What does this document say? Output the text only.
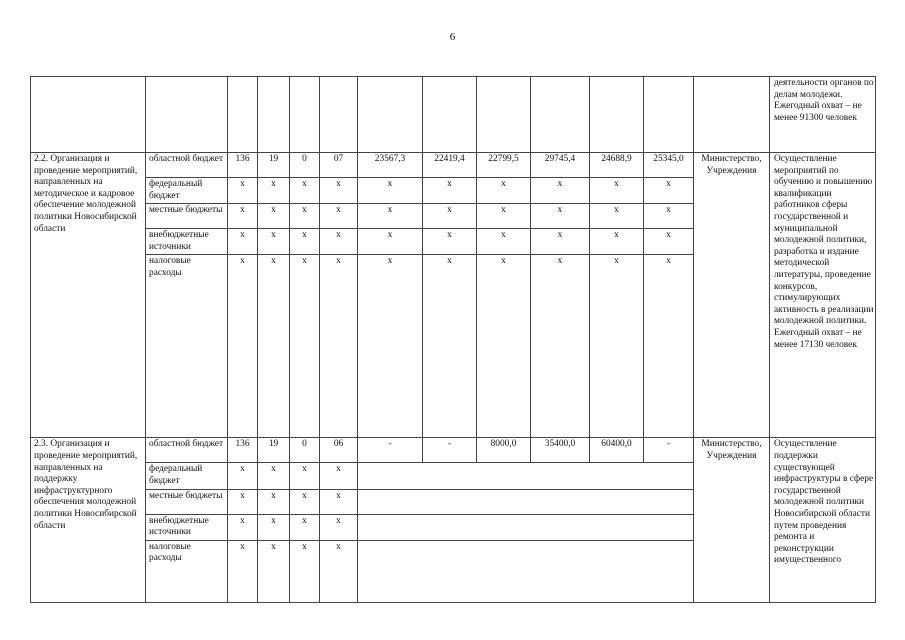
6
													деятельности органов по делам молодежи. Ежегодный охват – не менее 91300 человек
2.2. Организация и проведение мероприятий, направленных на методическое и кадровое обеспечение молодежной политики Новосибирской области	областной бюджет	136	19	0	07	23567,3	22419,4	22799,5	29745,4	24688,9	25345,0	Министерство, Учреждения	Осуществление мероприятий по обучению и повышению квалификации работников сферы государственной и муниципальной молодежной политики, разработка и издание методической литературы, проведение конкурсов, стимулирующих активность в реализации молодежной политики. Ежегодный охват – не менее 17130 человек
	федеральный бюджет	х	х	х	х	х	х	х	х	х	х		
	местные бюджеты	х	х	х	х	х	х	х	х	х	х		
	внебюджетные источники	х	х	х	х	х	х	х	х	х	х		
	налоговые расходы	х	х	х	х	х	х	х	х	х	х		
2.3. Организация и проведение мероприятий, направленных на поддержку инфраструктурного обеспечения молодежной политики Новосибирской области	областной бюджет	136	19	0	06	-	-	8000,0	35400,0	60400,0	-	Министерство, Учреждения	Осуществление поддержки существующей инфраструктуры в сфере государственной молодежной политики Новосибирской области путем проведения ремонта и реконструкции имущественного
	федеральный бюджет	х	х	х	х								
	местные бюджеты	х	х	х	х								
	внебюджетные источники	х	х	х	х								
	налоговые расходы	х	х	х	х								
